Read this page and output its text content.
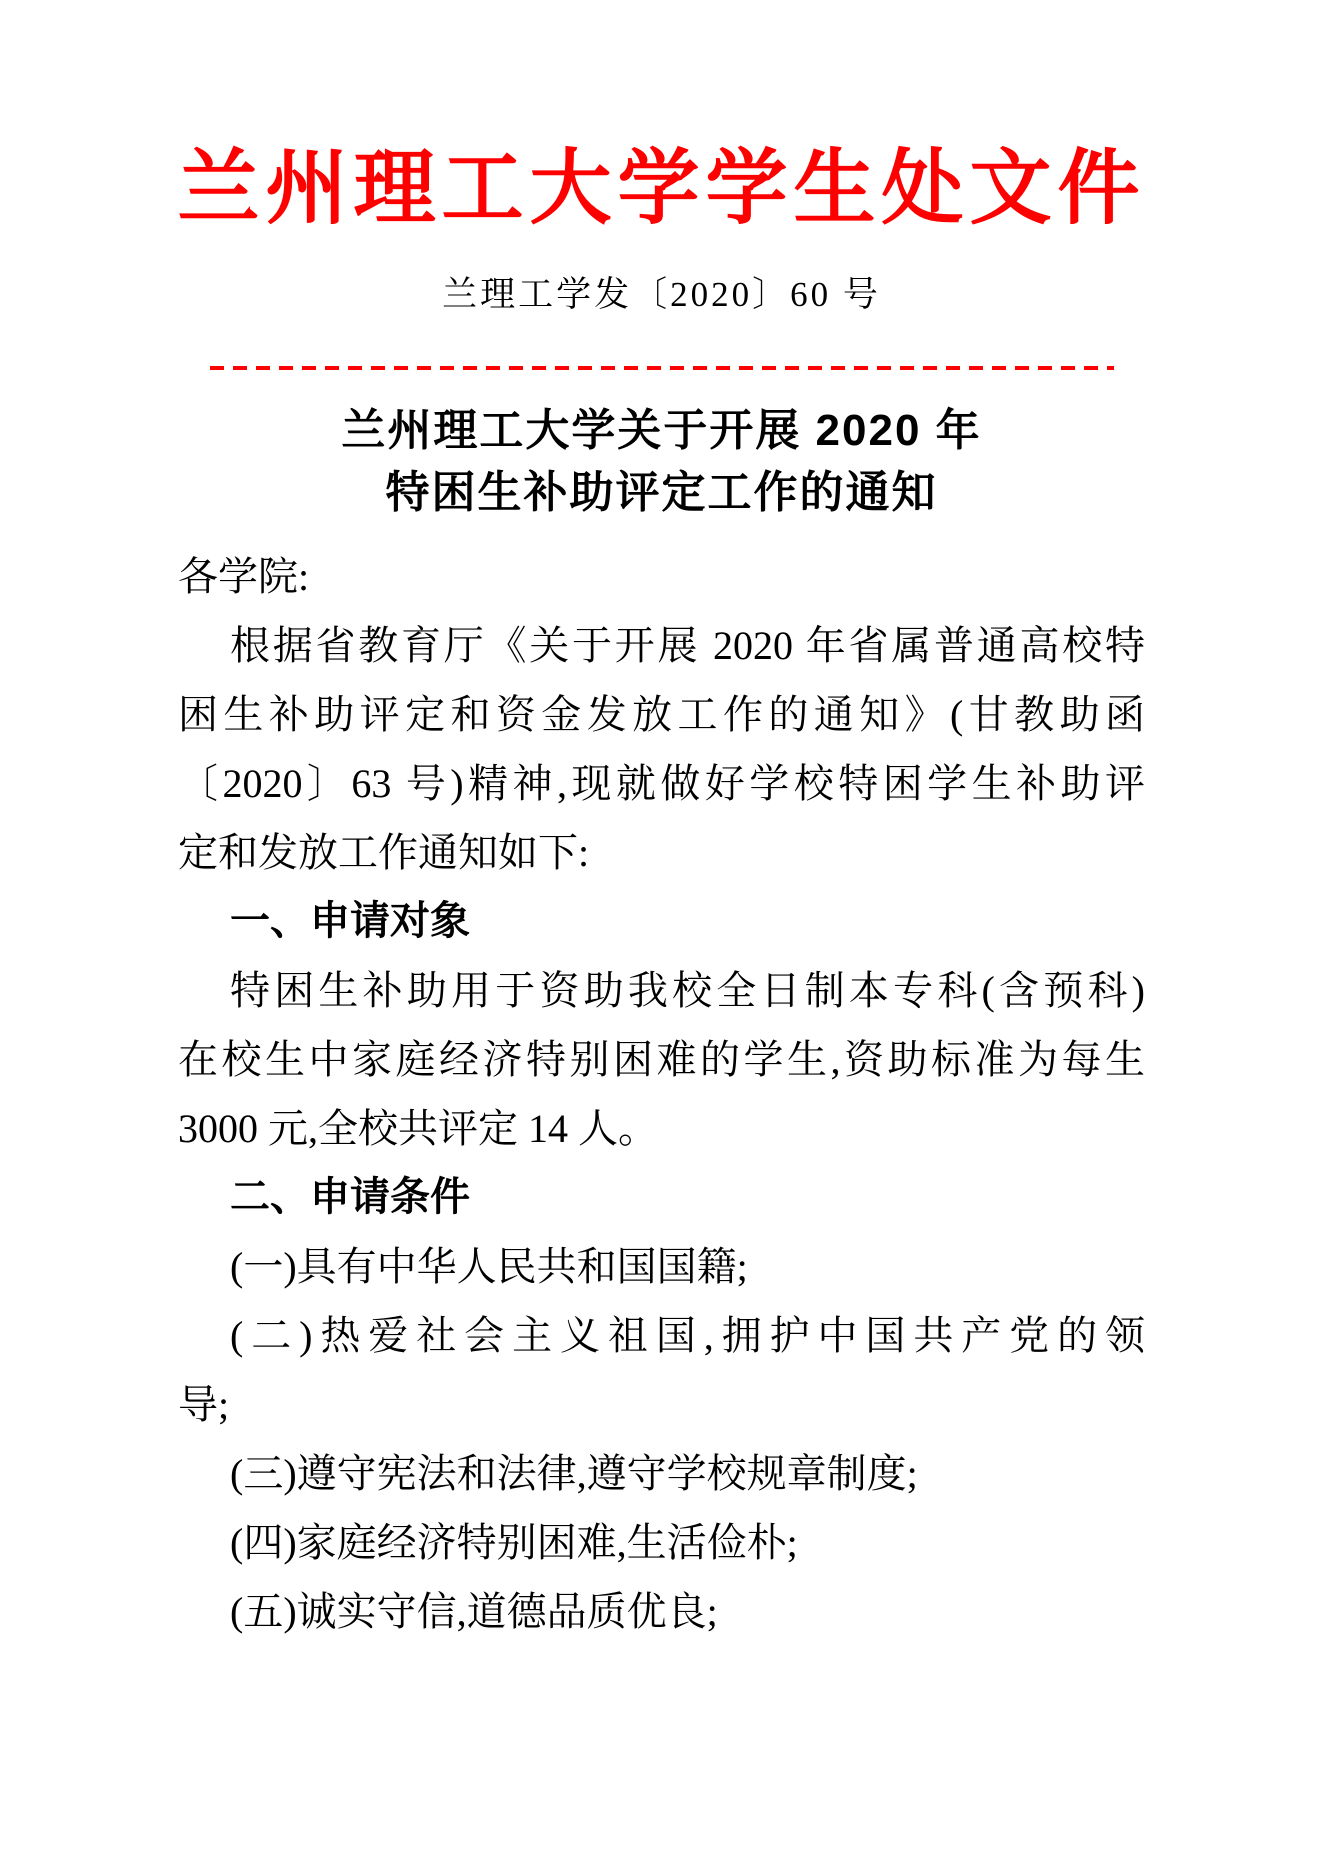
兰州理工大学学生处文件
兰理工学发〔2020〕60 号
兰州理工大学关于开展 2020 年
特困生补助评定工作的通知
各学院:
根据省教育厅《关于开展 2020 年省属普通高校特
困生补助评定和资金发放工作的通知》(甘教助函
〔2020〕63 号)精神,现就做好学校特困学生补助评
定和发放工作通知如下:
一、申请对象
特困生补助用于资助我校全日制本专科(含预科)
在校生中家庭经济特别困难的学生,资助标准为每生
3000 元,全校共评定 14 人。
二、申请条件
(一)具有中华人民共和国国籍;
(二)热爱社会主义祖国,拥护中国共产党的领
导;
(三)遵守宪法和法律,遵守学校规章制度;
(四)家庭经济特别困难,生活俭朴;
(五)诚实守信,道德品质优良;
